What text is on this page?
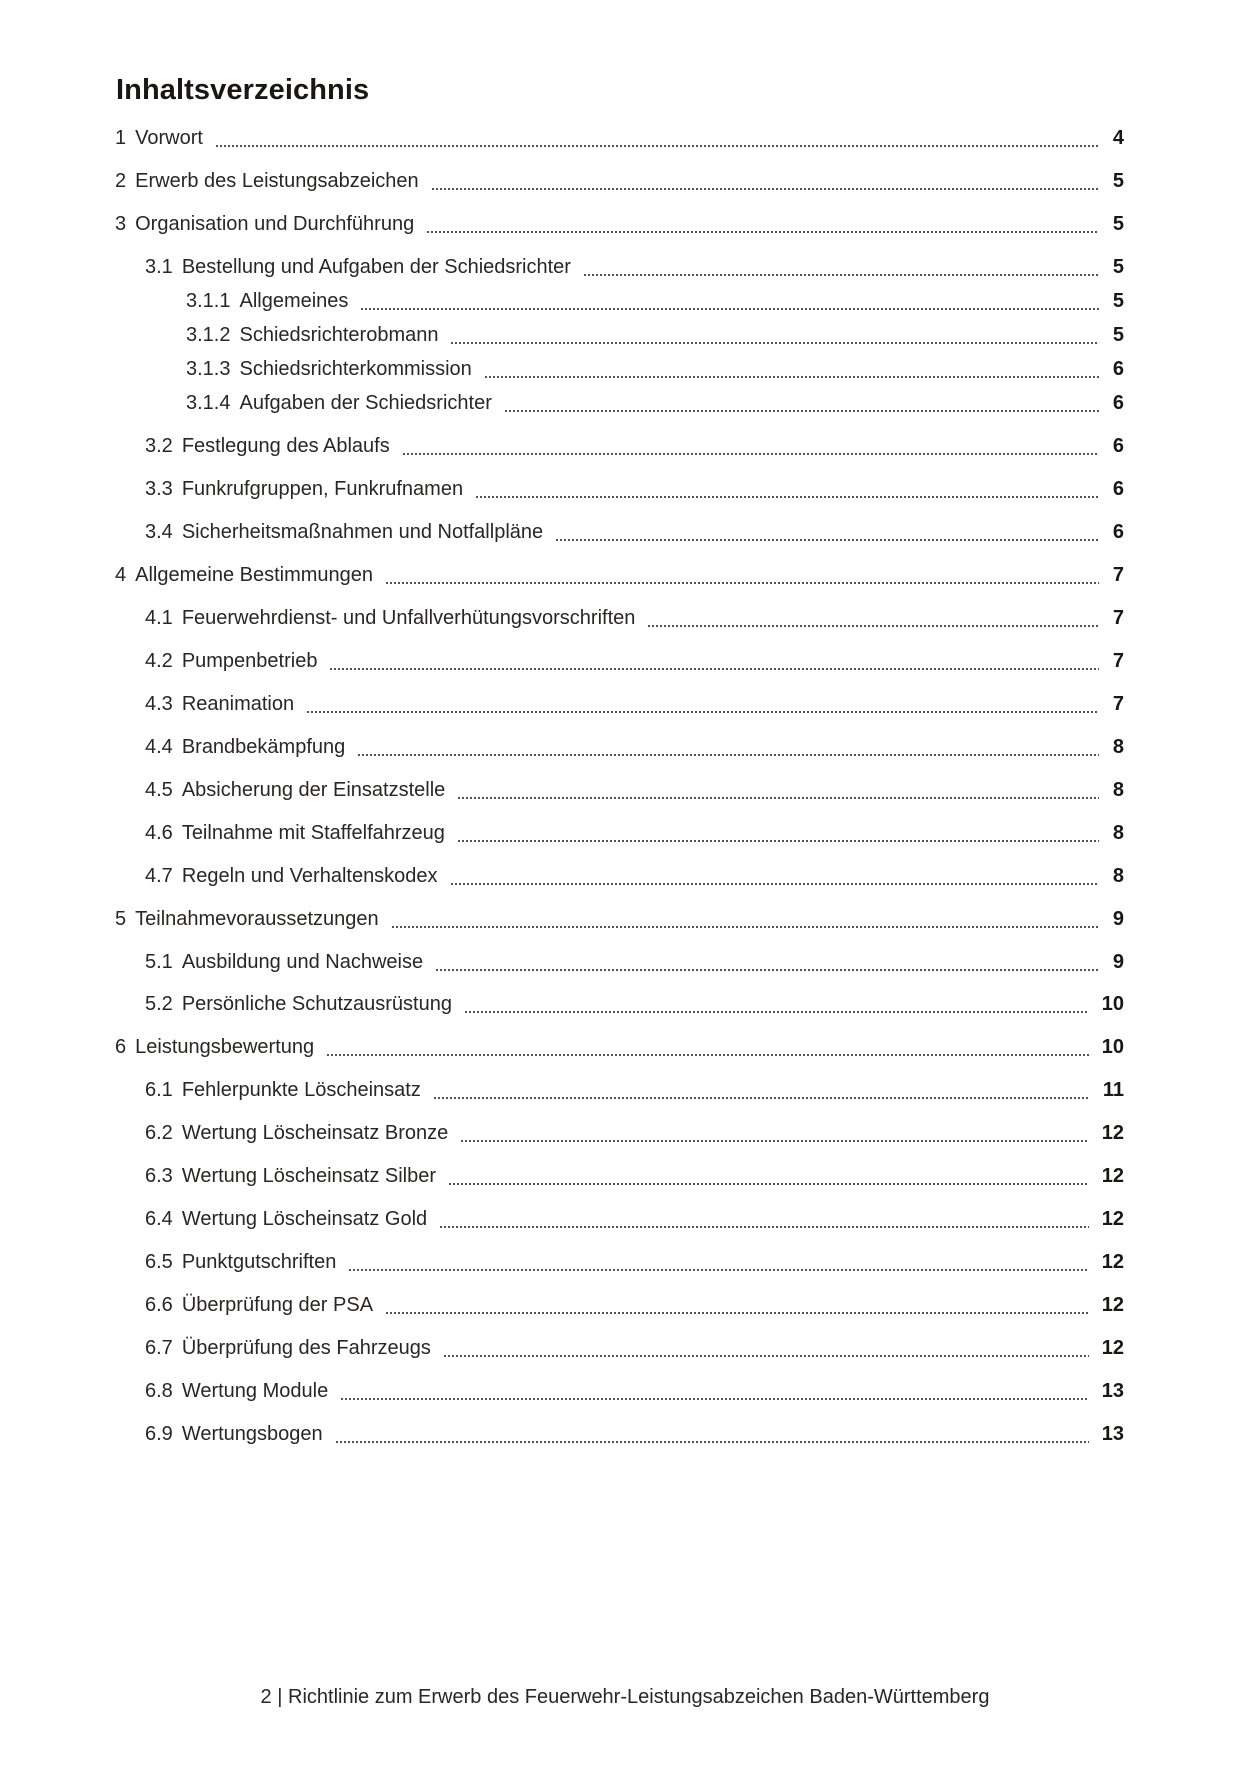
Inhaltsverzeichnis
1 Vorwort	4
2 Erwerb des Leistungsabzeichen	5
3 Organisation und Durchführung	5
3.1 Bestellung und Aufgaben der Schiedsrichter	5
3.1.1 Allgemeines	5
3.1.2 Schiedsrichterobmann	5
3.1.3 Schiedsrichterkommission	6
3.1.4 Aufgaben der Schiedsrichter	6
3.2 Festlegung des Ablaufs	6
3.3 Funkrufgruppen, Funkrufnamen	6
3.4 Sicherheitsmaßnahmen und Notfallpläne	6
4 Allgemeine Bestimmungen	7
4.1 Feuerwehrdienst- und Unfallverhütungsvorschriften	7
4.2 Pumpenbetrieb	7
4.3 Reanimation	7
4.4 Brandbekämpfung	8
4.5 Absicherung der Einsatzstelle	8
4.6 Teilnahme mit Staffelfahrzeug	8
4.7 Regeln und Verhaltenskodex	8
5 Teilnahmevoraussetzungen	9
5.1 Ausbildung und Nachweise	9
5.2 Persönliche Schutzausrüstung	10
6 Leistungsbewertung	10
6.1 Fehlerpunkte Löscheinsatz	11
6.2 Wertung Löscheinsatz Bronze	12
6.3 Wertung Löscheinsatz Silber	12
6.4 Wertung Löscheinsatz Gold	12
6.5 Punktgutschriften	12
6.6 Überprüfung der PSA	12
6.7 Überprüfung des Fahrzeugs	12
6.8 Wertung Module	13
6.9 Wertungsbogen	13
2 | Richtlinie zum Erwerb des Feuerwehr-Leistungsabzeichen Baden-Württemberg
